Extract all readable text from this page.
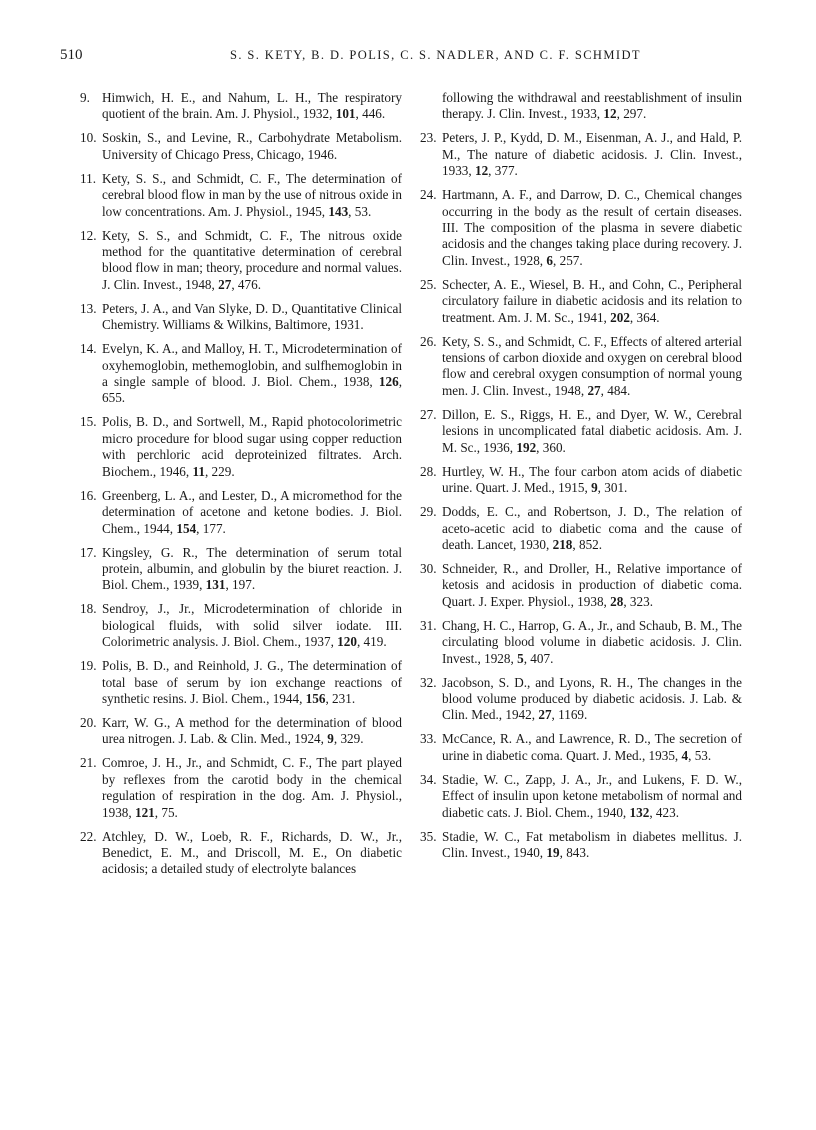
510	S. S. KETY, B. D. POLIS, C. S. NADLER, AND C. F. SCHMIDT

9. Himwich, H. E., and Nahum, L. H., The respiratory quotient of the brain. Am. J. Physiol., 1932, 101, 446.

10. Soskin, S., and Levine, R., Carbohydrate Metabolism. University of Chicago Press, Chicago, 1946.

11. Kety, S. S., and Schmidt, C. F., The determination of cerebral blood flow in man by the use of nitrous oxide in low concentrations. Am. J. Physiol., 1945, 143, 53.

12. Kety, S. S., and Schmidt, C. F., The nitrous oxide method for the quantitative determination of cerebral blood flow in man; theory, procedure and normal values. J. Clin. Invest., 1948, 27, 476.

13. Peters, J. A., and Van Slyke, D. D., Quantitative Clinical Chemistry. Williams & Wilkins, Baltimore, 1931.

14. Evelyn, K. A., and Malloy, H. T., Microdetermination of oxyhemoglobin, methemoglobin, and sulfhemoglobin in a single sample of blood. J. Biol. Chem., 1938, 126, 655.

15. Polis, B. D., and Sortwell, M., Rapid photocolorimetric micro procedure for blood sugar using copper reduction with perchloric acid deproteinized filtrates. Arch. Biochem., 1946, 11, 229.

16. Greenberg, L. A., and Lester, D., A micromethod for the determination of acetone and ketone bodies. J. Biol. Chem., 1944, 154, 177.

17. Kingsley, G. R., The determination of serum total protein, albumin, and globulin by the biuret reaction. J. Biol. Chem., 1939, 131, 197.

18. Sendroy, J., Jr., Microdetermination of chloride in biological fluids, with solid silver iodate. III. Colorimetric analysis. J. Biol. Chem., 1937, 120, 419.

19. Polis, B. D., and Reinhold, J. G., The determination of total base of serum by ion exchange reactions of synthetic resins. J. Biol. Chem., 1944, 156, 231.

20. Karr, W. G., A method for the determination of blood urea nitrogen. J. Lab. & Clin. Med., 1924, 9, 329.

21. Comroe, J. H., Jr., and Schmidt, C. F., The part played by reflexes from the carotid body in the chemical regulation of respiration in the dog. Am. J. Physiol., 1938, 121, 75.

22. Atchley, D. W., Loeb, R. F., Richards, D. W., Jr., Benedict, E. M., and Driscoll, M. E., On diabetic acidosis; a detailed study of electrolyte balances

following the withdrawal and reestablishment of insulin therapy. J. Clin. Invest., 1933, 12, 297.

23. Peters, J. P., Kydd, D. M., Eisenman, A. J., and Hald, P. M., The nature of diabetic acidosis. J. Clin. Invest., 1933, 12, 377.

24. Hartmann, A. F., and Darrow, D. C., Chemical changes occurring in the body as the result of certain diseases. III. The composition of the plasma in severe diabetic acidosis and the changes taking place during recovery. J. Clin. Invest., 1928, 6, 257.

25. Schecter, A. E., Wiesel, B. H., and Cohn, C., Peripheral circulatory failure in diabetic acidosis and its relation to treatment. Am. J. M. Sc., 1941, 202, 364.

26. Kety, S. S., and Schmidt, C. F., Effects of altered arterial tensions of carbon dioxide and oxygen on cerebral blood flow and cerebral oxygen consumption of normal young men. J. Clin. Invest., 1948, 27, 484.

27. Dillon, E. S., Riggs, H. E., and Dyer, W. W., Cerebral lesions in uncomplicated fatal diabetic acidosis. Am. J. M. Sc., 1936, 192, 360.

28. Hurtley, W. H., The four carbon atom acids of diabetic urine. Quart. J. Med., 1915, 9, 301.

29. Dodds, E. C., and Robertson, J. D., The relation of aceto-acetic acid to diabetic coma and the cause of death. Lancet, 1930, 218, 852.

30. Schneider, R., and Droller, H., Relative importance of ketosis and acidosis in production of diabetic coma. Quart. J. Exper. Physiol., 1938, 28, 323.

31. Chang, H. C., Harrop, G. A., Jr., and Schaub, B. M., The circulating blood volume in diabetic acidosis. J. Clin. Invest., 1928, 5, 407.

32. Jacobson, S. D., and Lyons, R. H., The changes in the blood volume produced by diabetic acidosis. J. Lab. & Clin. Med., 1942, 27, 1169.

33. McCance, R. A., and Lawrence, R. D., The secretion of urine in diabetic coma. Quart. J. Med., 1935, 4, 53.

34. Stadie, W. C., Zapp, J. A., Jr., and Lukens, F. D. W., Effect of insulin upon ketone metabolism of normal and diabetic cats. J. Biol. Chem., 1940, 132, 423.

35. Stadie, W. C., Fat metabolism in diabetes mellitus. J. Clin. Invest., 1940, 19, 843.
